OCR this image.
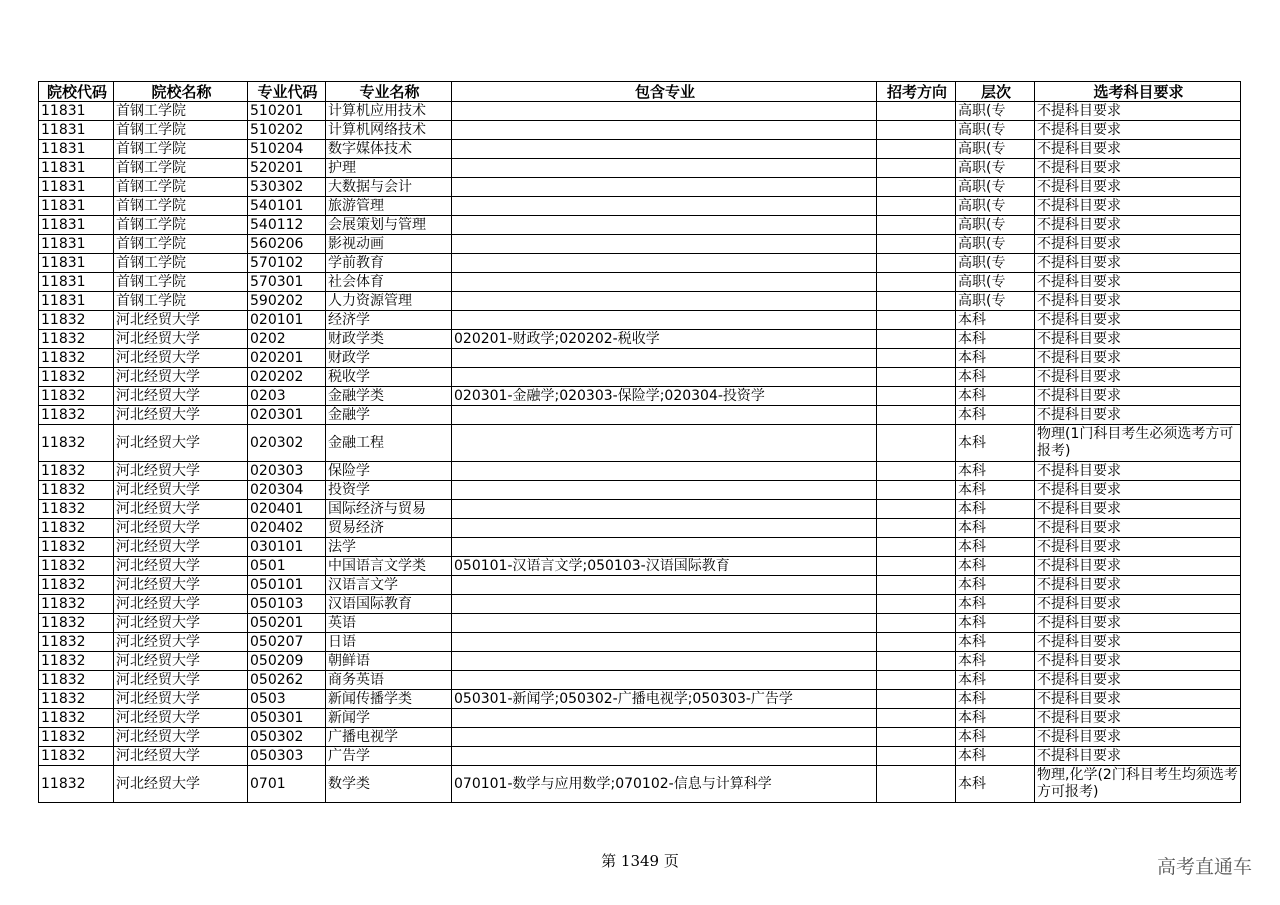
院校代码	院校名称	专业代码	专业名称	包含专业	招考方向	层次	选考科目要求
11831	首钢工学院	510201	计算机应用技术			高职(专	不提科目要求
11831	首钢工学院	510202	计算机网络技术			高职(专	不提科目要求
11831	首钢工学院	510204	数字媒体技术			高职(专	不提科目要求
11831	首钢工学院	520201	护理			高职(专	不提科目要求
11831	首钢工学院	530302	大数据与会计			高职(专	不提科目要求
11831	首钢工学院	540101	旅游管理			高职(专	不提科目要求
11831	首钢工学院	540112	会展策划与管理			高职(专	不提科目要求
11831	首钢工学院	560206	影视动画			高职(专	不提科目要求
11831	首钢工学院	570102	学前教育			高职(专	不提科目要求
11831	首钢工学院	570301	社会体育			高职(专	不提科目要求
11831	首钢工学院	590202	人力资源管理			高职(专	不提科目要求
11832	河北经贸大学	020101	经济学			本科	不提科目要求
11832	河北经贸大学	0202	财政学类	020201-财政学;020202-税收学		本科	不提科目要求
11832	河北经贸大学	020201	财政学			本科	不提科目要求
11832	河北经贸大学	020202	税收学			本科	不提科目要求
11832	河北经贸大学	0203	金融学类	020301-金融学;020303-保险学;020304-投资学		本科	不提科目要求
11832	河北经贸大学	020301	金融学			本科	不提科目要求
11832	河北经贸大学	020302	金融工程			本科	物理(1门科目考生必须选考方可报考)
11832	河北经贸大学	020303	保险学			本科	不提科目要求
11832	河北经贸大学	020304	投资学			本科	不提科目要求
11832	河北经贸大学	020401	国际经济与贸易			本科	不提科目要求
11832	河北经贸大学	020402	贸易经济			本科	不提科目要求
11832	河北经贸大学	030101	法学			本科	不提科目要求
11832	河北经贸大学	0501	中国语言文学类	050101-汉语言文学;050103-汉语国际教育		本科	不提科目要求
11832	河北经贸大学	050101	汉语言文学			本科	不提科目要求
11832	河北经贸大学	050103	汉语国际教育			本科	不提科目要求
11832	河北经贸大学	050201	英语			本科	不提科目要求
11832	河北经贸大学	050207	日语			本科	不提科目要求
11832	河北经贸大学	050209	朝鲜语			本科	不提科目要求
11832	河北经贸大学	050262	商务英语			本科	不提科目要求
11832	河北经贸大学	0503	新闻传播学类	050301-新闻学;050302-广播电视学;050303-广告学		本科	不提科目要求
11832	河北经贸大学	050301	新闻学			本科	不提科目要求
11832	河北经贸大学	050302	广播电视学			本科	不提科目要求
11832	河北经贸大学	050303	广告学			本科	不提科目要求
11832	河北经贸大学	0701	数学类	070101-数学与应用数学;070102-信息与计算科学		本科	物理,化学(2门科目考生均须选考方可报考)
第 1349 页	高考直通车
